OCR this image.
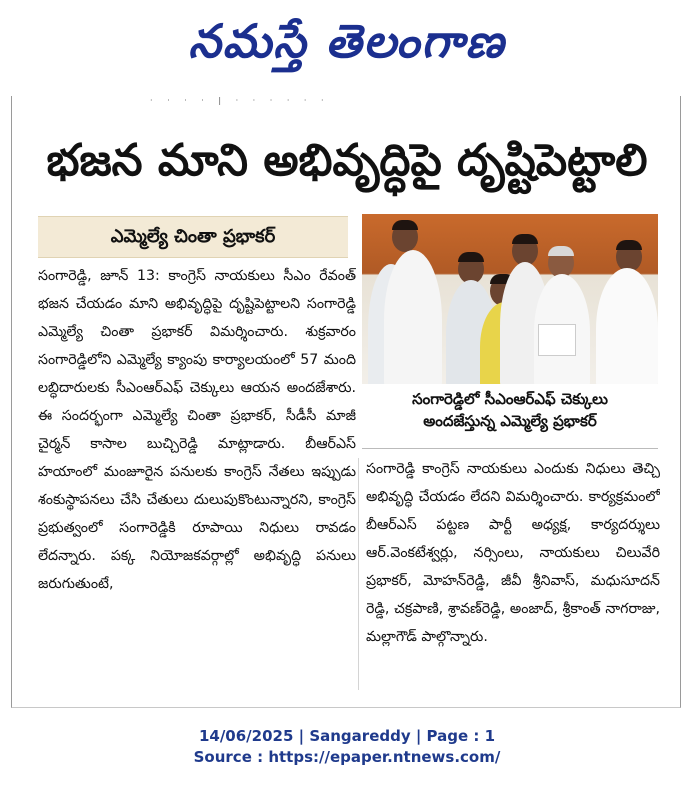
నమస్తే తెలంగాణ
· · · · | · · · · · ·
భజన మాని అభివృద్ధిపై దృష్టిపెట్టాలి
ఎమ్మెల్యే చింతా ప్రభాకర్

సంగారెడ్డి, జూన్ 13: కాంగ్రెస్ నాయకులు సీఎం రేవంత్ భజన చేయడం మాని అభివృద్ధిపై దృష్టిపెట్టాలని సంగారెడ్డి ఎమ్మెల్యే చింతా ప్రభాకర్ విమర్శించారు. శుక్రవారం సంగారెడ్డిలోని ఎమ్మెల్యే క్యాంపు కార్యాలయంలో 57 మంది లబ్ధిదారులకు సీఎంఆర్ఎఫ్ చెక్కులు ఆయన అందజేశారు. ఈ సందర్భంగా ఎమ్మెల్యే చింతా ప్రభాకర్, సీడీసీ మాజీ చైర్మన్ కాసాల బుచ్చిరెడ్డి మాట్లాడారు. బీఆర్ఎస్ హయాంలో మంజూరైన పనులకు కాంగ్రెస్ నేతలు ఇప్పుడు శంకుస్థాపనలు చేసి చేతులు దులుపుకొంటున్నారని, కాంగ్రెస్ ప్రభుత్వంలో సంగారెడ్డికి రూపాయి నిధులు రావడం లేదన్నారు. పక్క నియోజకవర్గాల్లో అభివృద్ధి పనులు జరుగుతుంటే,

సంగారెడ్డిలో సీఎంఆర్ఎఫ్ చెక్కులు
అందజేస్తున్న ఎమ్మెల్యే ప్రభాకర్

సంగారెడ్డి కాంగ్రెస్ నాయకులు ఎందుకు నిధులు తెచ్చి అభివృద్ధి చేయడం లేదని విమర్శించారు. కార్యక్రమంలో బీఆర్ఎస్ పట్టణ పార్టీ అధ్యక్ష, కార్యదర్శులు ఆర్.వెంకటేశ్వర్లు, నర్సింలు, నాయకులు చిలువేరి ప్రభాకర్, మోహన్‌రెడ్డి, జీవీ శ్రీనివాస్, మధుసూదన్ రెడ్డి, చక్రపాణి, శ్రావణ్‌రెడ్డి, అంజాద్, శ్రీకాంత్ నాగరాజు, మల్లాగౌడ్ పాల్గొన్నారు.

14/06/2025 | Sangareddy | Page : 1
Source : https://epaper.ntnews.com/
